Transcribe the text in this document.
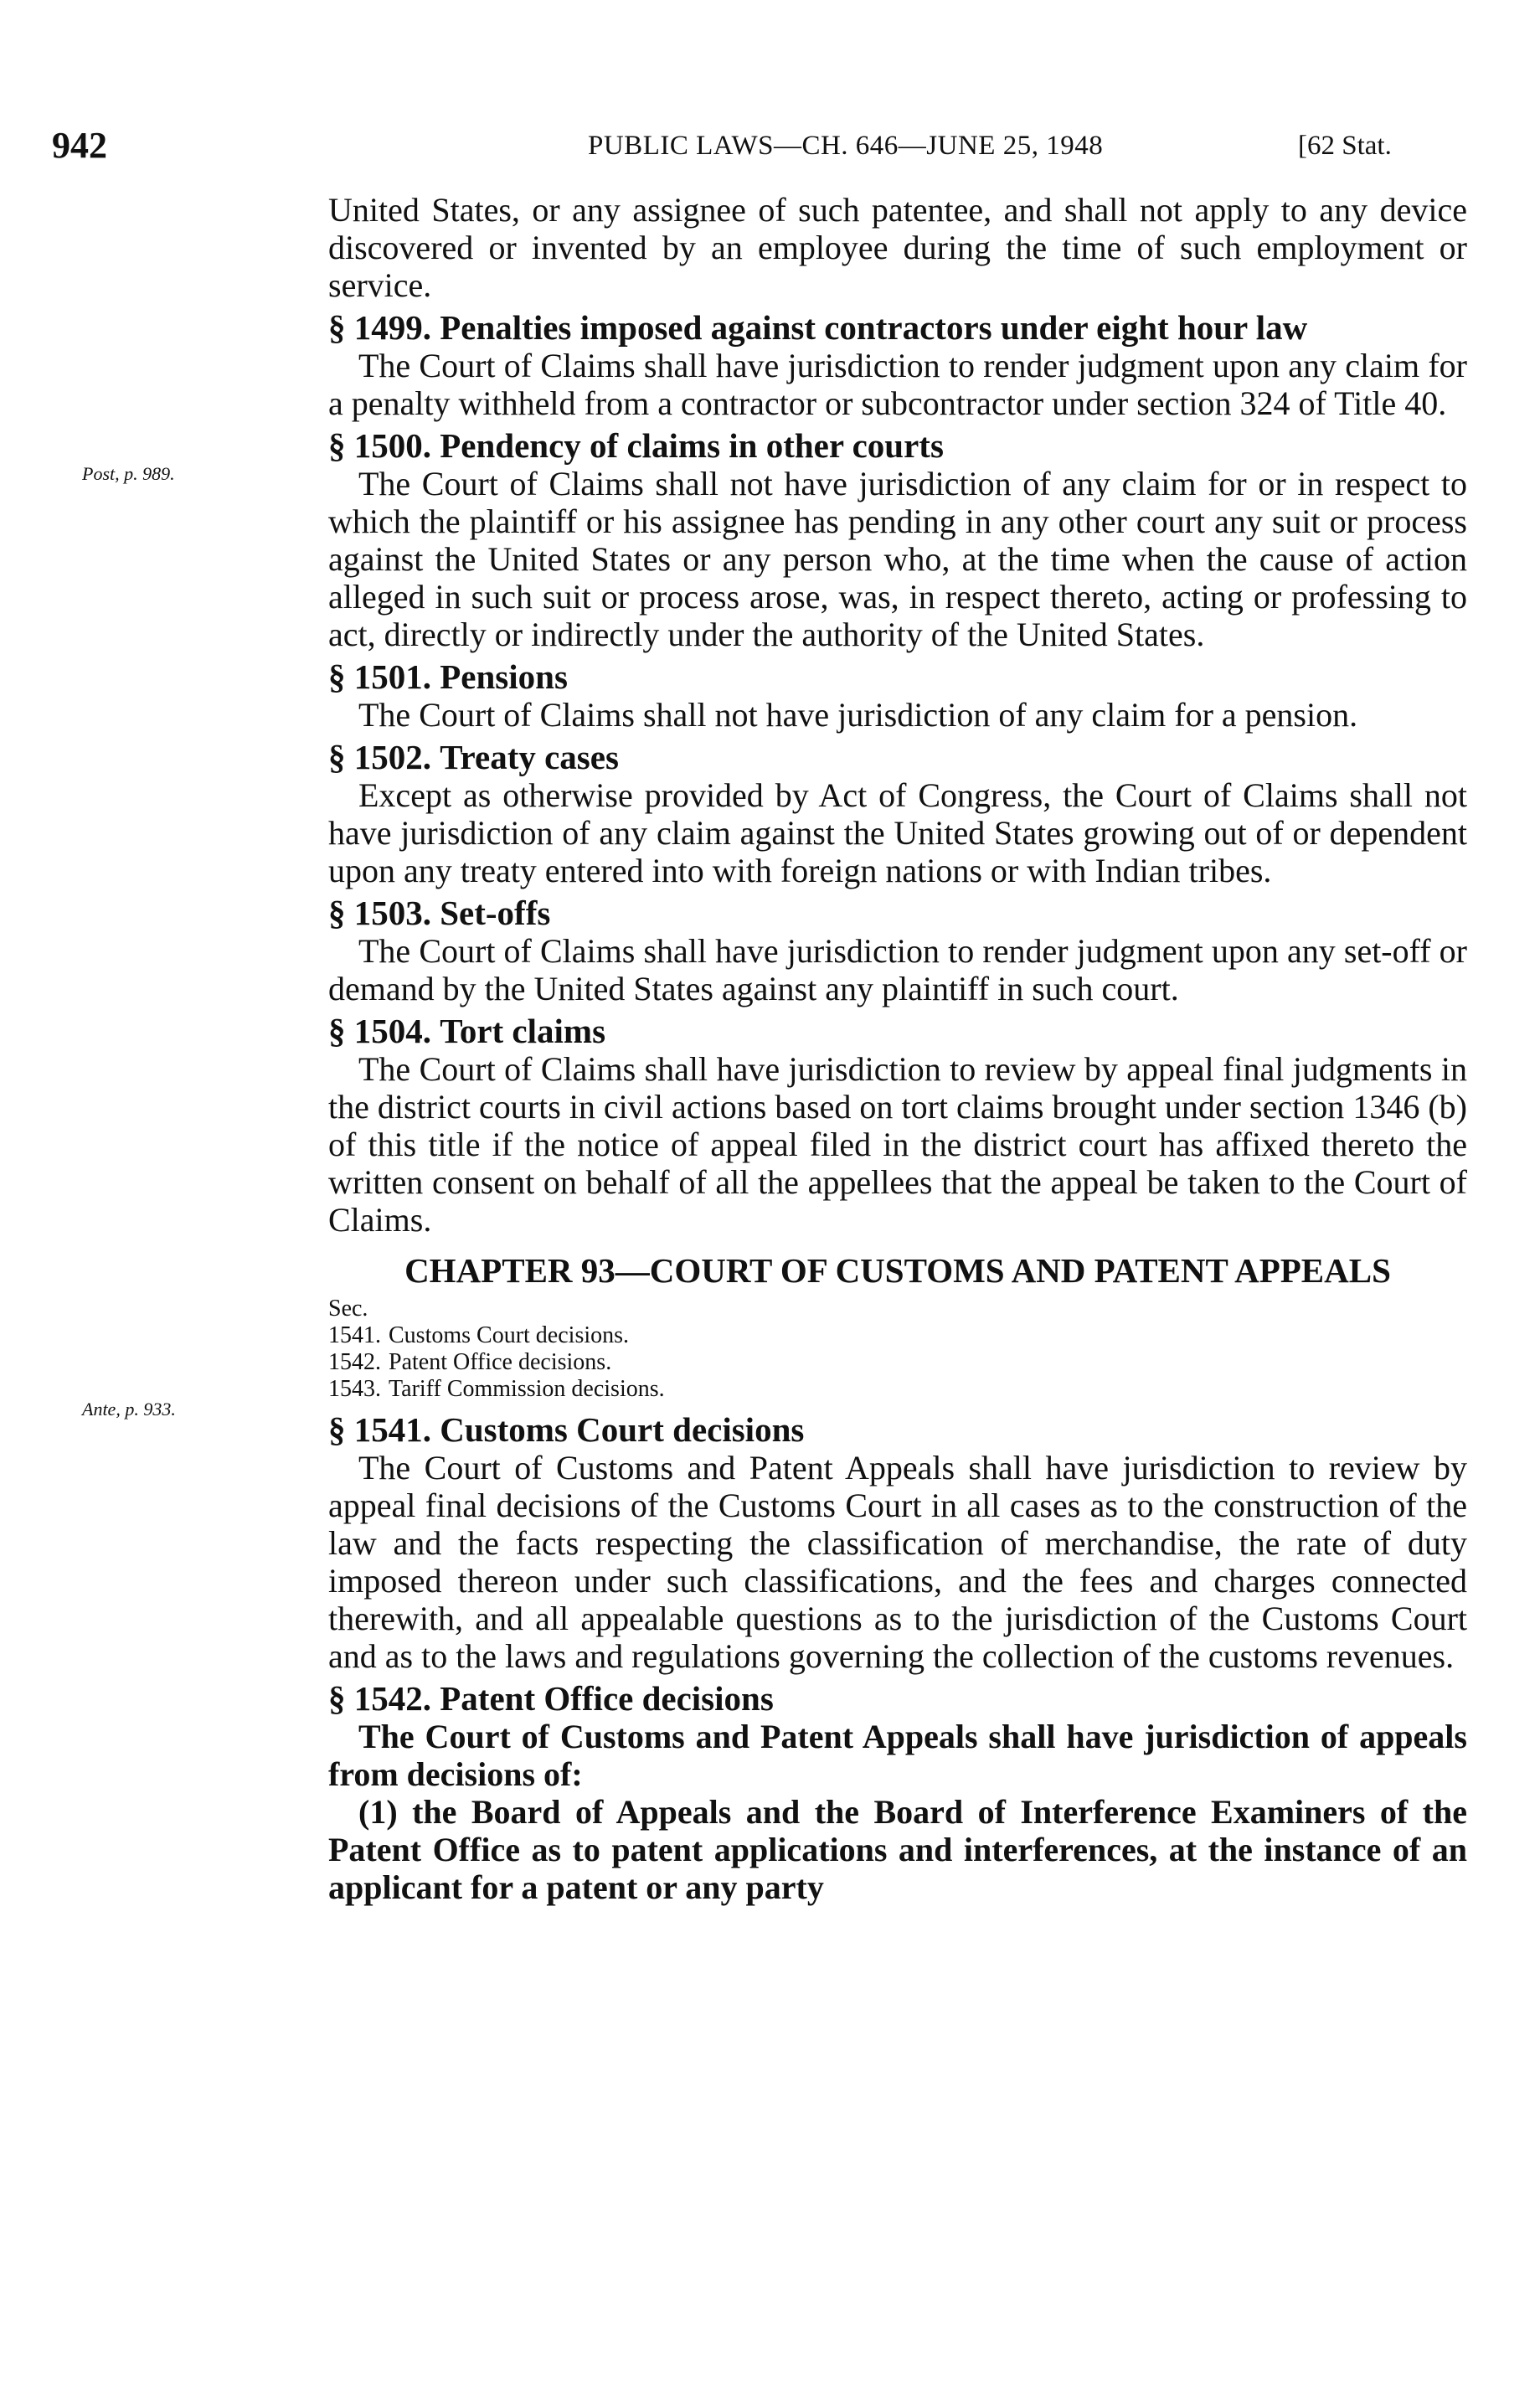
942	PUBLIC LAWS—CH. 646—JUNE 25, 1948	[62 Stat.
Post, p. 989.
Ante, p. 933.

United States, or any assignee of such patentee, and shall not apply to any device discovered or invented by an employee during the time of such employment or service.

§ 1499. Penalties imposed against contractors under eight hour law

The Court of Claims shall have jurisdiction to render judgment upon any claim for a penalty withheld from a contractor or subcontractor under section 324 of Title 40.

§ 1500. Pendency of claims in other courts

The Court of Claims shall not have jurisdiction of any claim for or in respect to which the plaintiff or his assignee has pending in any other court any suit or process against the United States or any person who, at the time when the cause of action alleged in such suit or process arose, was, in respect thereto, acting or professing to act, directly or indirectly under the authority of the United States.

§ 1501. Pensions

The Court of Claims shall not have jurisdiction of any claim for a pension.

§ 1502. Treaty cases

Except as otherwise provided by Act of Congress, the Court of Claims shall not have jurisdiction of any claim against the United States growing out of or dependent upon any treaty entered into with foreign nations or with Indian tribes.

§ 1503. Set-offs

The Court of Claims shall have jurisdiction to render judgment upon any set-off or demand by the United States against any plaintiff in such court.

§ 1504. Tort claims

The Court of Claims shall have jurisdiction to review by appeal final judgments in the district courts in civil actions based on tort claims brought under section 1346 (b) of this title if the notice of appeal filed in the district court has affixed thereto the written consent on behalf of all the appellees that the appeal be taken to the Court of Claims.

CHAPTER 93—COURT OF CUSTOMS AND PATENT APPEALS
Sec.
1541. Customs Court decisions.
1542. Patent Office decisions.
1543. Tariff Commission decisions.
§ 1541. Customs Court decisions

The Court of Customs and Patent Appeals shall have jurisdiction to review by appeal final decisions of the Customs Court in all cases as to the construction of the law and the facts respecting the classification of merchandise, the rate of duty imposed thereon under such classifications, and the fees and charges connected therewith, and all appealable questions as to the jurisdiction of the Customs Court and as to the laws and regulations governing the collection of the customs revenues.

§ 1542. Patent Office decisions

The Court of Customs and Patent Appeals shall have jurisdiction of appeals from decisions of:

(1) the Board of Appeals and the Board of Interference Examiners of the Patent Office as to patent applications and interferences, at the instance of an applicant for a patent or any party
